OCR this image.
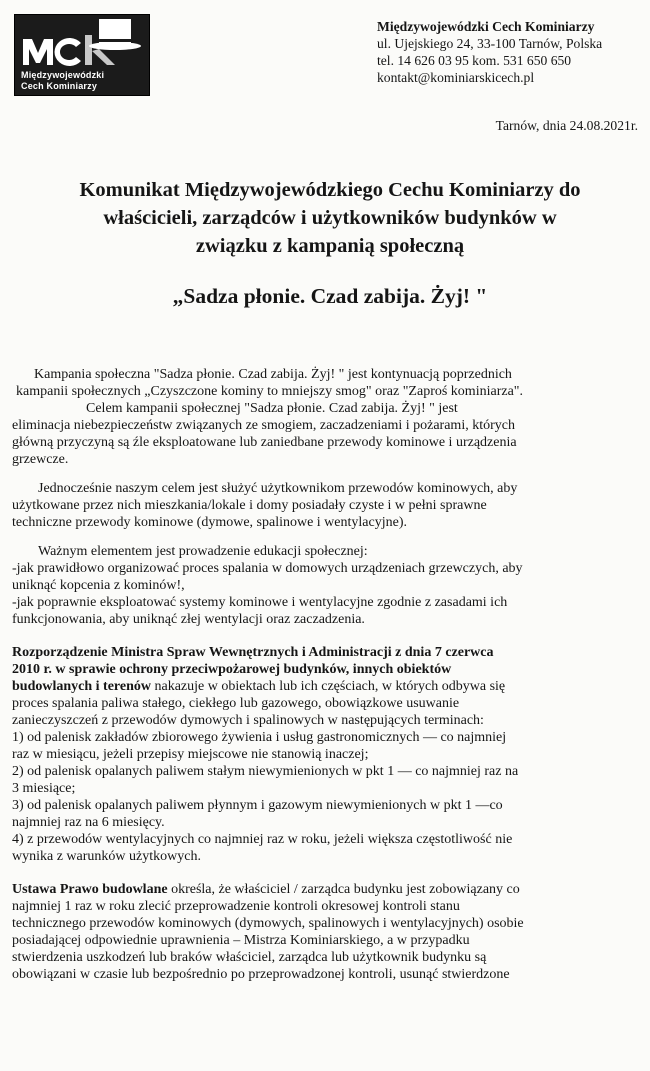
Międzywojewódzki
Cech Kominiarzy
Międzywojewódzki Cech Kominiarzy
ul. Ujejskiego 24, 33-100 Tarnów, Polska
tel. 14 626 03 95 kom. 531 650 650
kontakt@kominiarskicech.pl
Tarnów, dnia 24.08.2021r.
Komunikat Międzywojewódzkiego Cechu Kominiarzy do
właścicieli, zarządców i użytkowników budynków w
związku z kampanią społeczną
„Sadza płonie. Czad zabija. Żyj! "

Kampania społeczna "Sadza płonie. Czad zabija. Żyj! " jest kontynuacją poprzednich
kampanii społecznych „Czyszczone kominy to mniejszy smog" oraz "Zaproś kominiarza".
Celem kampanii społecznej "Sadza płonie. Czad zabija. Żyj! " jest
eliminacja niebezpieczeństw związanych ze smogiem, zaczadzeniami i pożarami, których
główną przyczyną są źle eksploatowane lub zaniedbane przewody kominowe i urządzenia
grzewcze.

Jednocześnie naszym celem jest służyć użytkownikom przewodów kominowych, aby
użytkowane przez nich mieszkania/lokale i domy posiadały czyste i w pełni sprawne
techniczne przewody kominowe (dymowe, spalinowe i wentylacyjne).

Ważnym elementem jest prowadzenie edukacji społecznej:
-jak prawidłowo organizować proces spalania w domowych urządzeniach grzewczych, aby
uniknąć kopcenia z kominów!,
-jak poprawnie eksploatować systemy kominowe i wentylacyjne zgodnie z zasadami ich
funkcjonowania, aby uniknąć złej wentylacji oraz zaczadzenia.

Rozporządzenie Ministra Spraw Wewnętrznych i Administracji z dnia 7 czerwca
2010 r. w sprawie ochrony przeciwpożarowej budynków, innych obiektów
budowlanych i terenów nakazuje w obiektach lub ich częściach, w których odbywa się
proces spalania paliwa stałego, ciekłego lub gazowego, obowiązkowe usuwanie
zanieczyszczeń z przewodów dymowych i spalinowych w następujących terminach:
1) od palenisk zakładów zbiorowego żywienia i usług gastronomicznych — co najmniej
raz w miesiącu, jeżeli przepisy miejscowe nie stanowią inaczej;
2) od palenisk opalanych paliwem stałym niewymienionych w pkt 1 — co najmniej raz na
3 miesiące;
3) od palenisk opalanych paliwem płynnym i gazowym niewymienionych w pkt 1 —co
najmniej raz na 6 miesięcy.
4) z przewodów wentylacyjnych co najmniej raz w roku, jeżeli większa częstotliwość nie
wynika z warunków użytkowych.

Ustawa Prawo budowlane określa, że właściciel / zarządca budynku jest zobowiązany co
najmniej 1 raz w roku zlecić przeprowadzenie kontroli okresowej kontroli stanu
technicznego przewodów kominowych (dymowych, spalinowych i wentylacyjnych) osobie
posiadającej odpowiednie uprawnienia – Mistrza Kominiarskiego, a w przypadku
stwierdzenia uszkodzeń lub braków właściciel, zarządca lub użytkownik budynku są
obowiązani w czasie lub bezpośrednio po przeprowadzonej kontroli, usunąć stwierdzone
